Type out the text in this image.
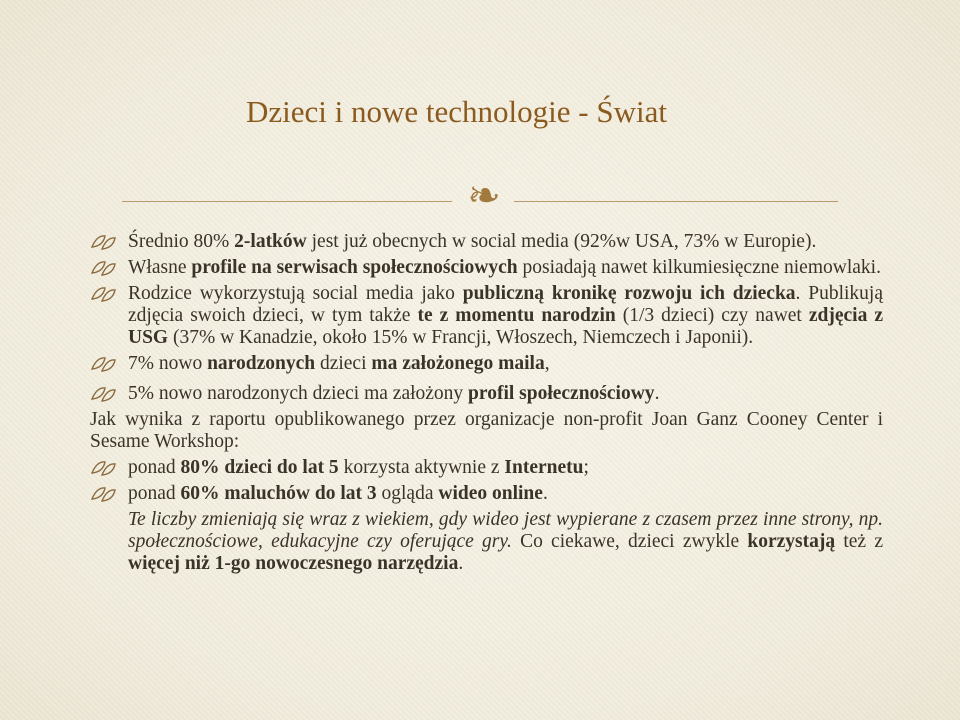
Dzieci i nowe technologie - Świat
❧
Średnio 80% 2-latków jest już obecnych w social media (92%w USA, 73% w Europie).
Własne profile na serwisach społecznościowych posiadają nawet kilkumiesięczne niemowlaki.
Rodzice wykorzystują social media jako publiczną kronikę rozwoju ich dziecka. Publikują zdjęcia swoich dzieci, w tym także te z momentu narodzin (1/3 dzieci) czy nawet zdjęcia z USG (37% w Kanadzie, około 15% w Francji, Włoszech, Niemczech i Japonii).
7% nowo narodzonych dzieci ma założonego maila,
5% nowo narodzonych dzieci ma założony profil społecznościowy.
Jak wynika z raportu opublikowanego przez organizacje non-profit Joan Ganz Cooney Center i Sesame Workshop:
ponad 80% dzieci do lat 5 korzysta aktywnie z Internetu;
ponad 60% maluchów do lat 3 ogląda wideo online.
Te liczby zmieniają się wraz z wiekiem, gdy wideo jest wypierane z czasem przez inne strony, np. społecznościowe, edukacyjne czy oferujące gry. Co ciekawe, dzieci zwykle korzystają też z więcej niż 1-go nowoczesnego narzędzia.
